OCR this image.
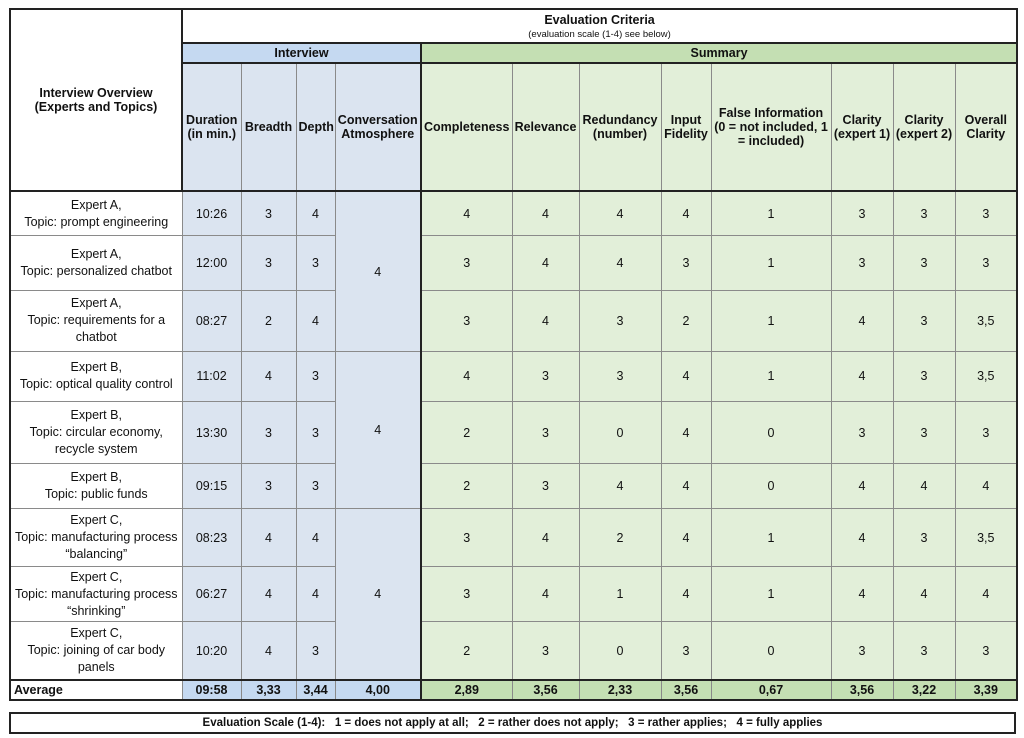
Interview Overview (Experts and Topics)	Evaluation Criteria
(evaluation scale (1-4) see below)											

	Interview				Summary							
	Duration (in min.)	Breadth	Depth	Conversation Atmosphere	Completeness	Relevance	Redundancy (number)	Input Fidelity	False Information (0 = not included, 1 = included)	Clarity (expert 1)	Clarity (expert 2)	Overall Clarity
Expert A,
Topic: prompt engineering	10:26	3	4	4	4	4	4	4	1	3	3	3
Expert A,
Topic: personalized chatbot	12:00	3	3		3	4	4	3	1	3	3	3
Expert A,
Topic: requirements for a chatbot	08:27	2	4		3	4	3	2	1	4	3	3,5
Expert B,
Topic: optical quality control	11:02	4	3	4	4	3	3	4	1	4	3	3,5
Expert B,
Topic: circular economy, recycle system	13:30	3	3		2	3	0	4	0	3	3	3
Expert B,
Topic: public funds	09:15	3	3		2	3	4	4	0	4	4	4
Expert C,
Topic: manufacturing process “balancing”	08:23	4	4	4	3	4	2	4	1	4	3	3,5
Expert C,
Topic: manufacturing process “shrinking”	06:27	4	4		3	4	1	4	1	4	4	4
Expert C,
Topic: joining of car body panels	10:20	4	3		2	3	0	3	0	3	3	3
Average	09:58	3,33	3,44	4,00	2,89	3,56	2,33	3,56	0,67	3,56	3,22	3,39
Evaluation Scale (1-4):   1 = does not apply at all;   2 = rather does not apply;   3 = rather applies;   4 = fully applies
